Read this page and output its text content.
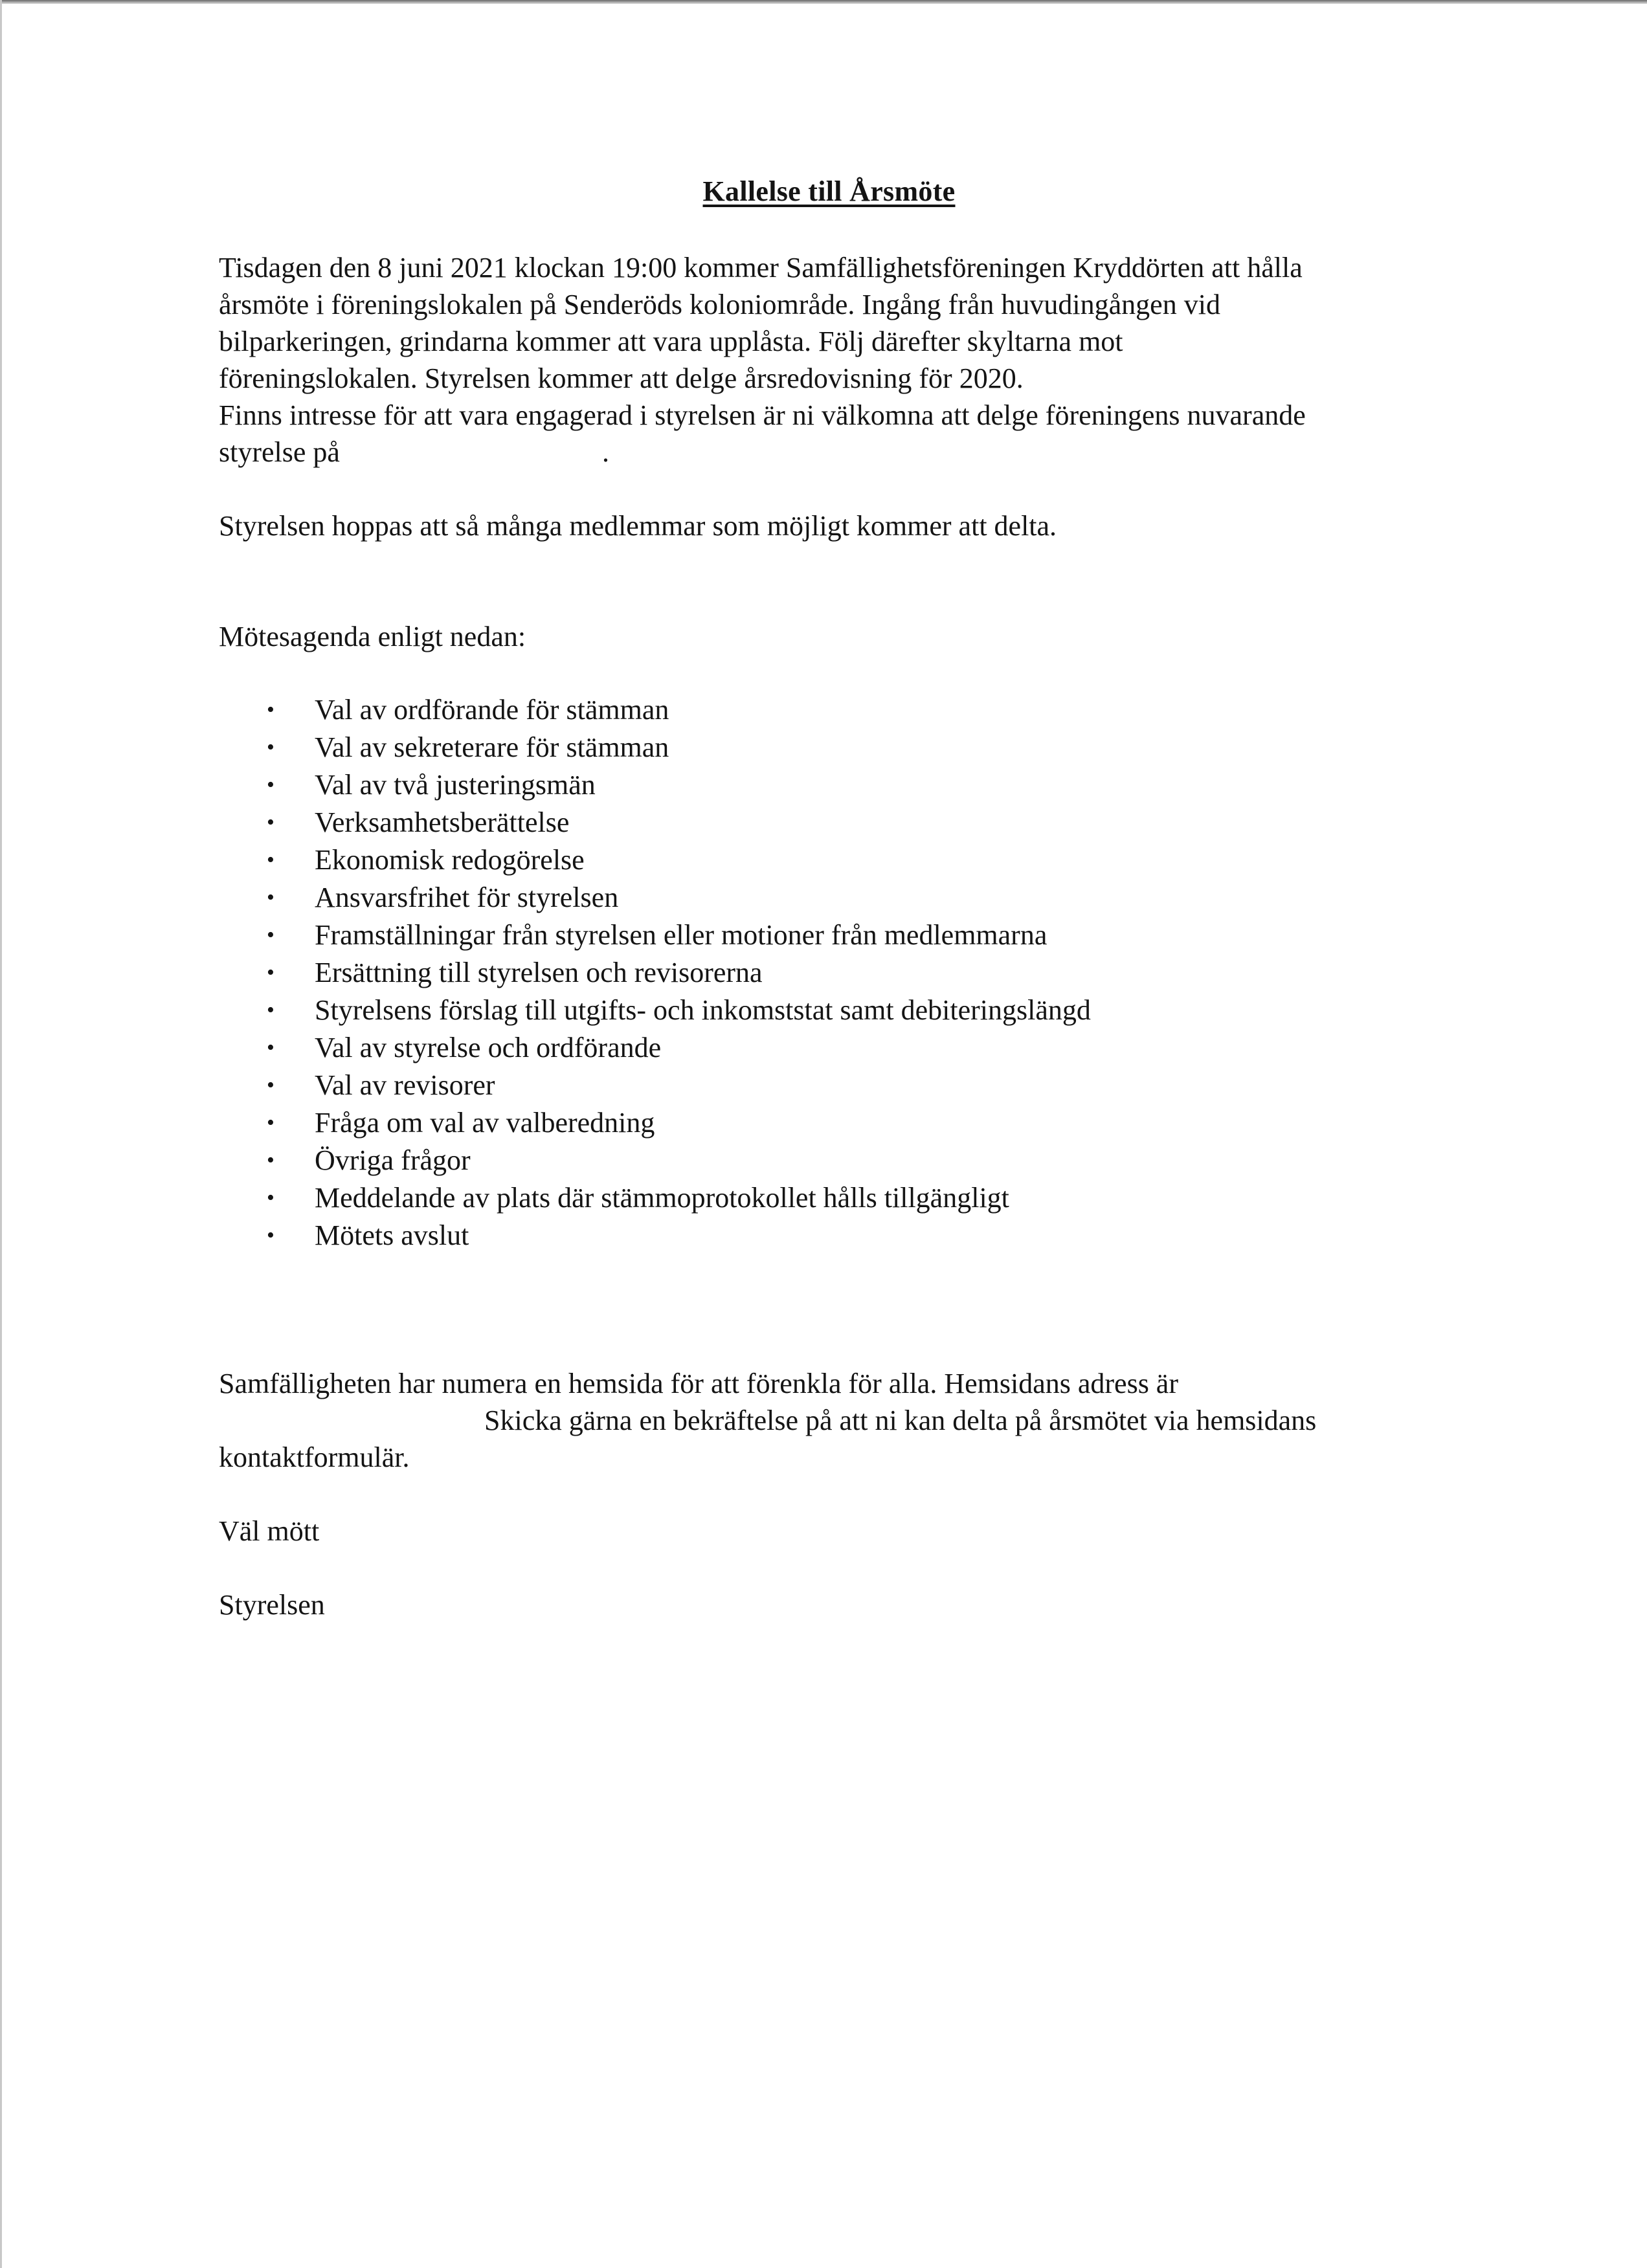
Kallelse till Årsmöte
Tisdagen den 8 juni 2021 klockan 19:00 kommer Samfällighetsföreningen Kryddörten att hålla
årsmöte i föreningslokalen på Senderöds koloniområde. Ingång från huvudingången vid
bilparkeringen, grindarna kommer att vara upplåsta. Följ därefter skyltarna mot
föreningslokalen. Styrelsen kommer att delge årsredovisning för 2020.
Finns intresse för att vara engagerad i styrelsen är ni välkomna att delge föreningens nuvarande
styrelse på	.
Styrelsen hoppas att så många medlemmar som möjligt kommer att delta.
Mötesagenda enligt nedan:
• Val av ordförande för stämman
• Val av sekreterare för stämman
• Val av två justeringsmän
• Verksamhetsberättelse
• Ekonomisk redogörelse
• Ansvarsfrihet för styrelsen
• Framställningar från styrelsen eller motioner från medlemmarna
• Ersättning till styrelsen och revisorerna
• Styrelsens förslag till utgifts- och inkomststat samt debiteringslängd
• Val av styrelse och ordförande
• Val av revisorer
• Fråga om val av valberedning
• Övriga frågor
• Meddelande av plats där stämmoprotokollet hålls tillgängligt
• Mötets avslut
Samfälligheten har numera en hemsida för att förenkla för alla. Hemsidans adress är
Skicka gärna en bekräftelse på att ni kan delta på årsmötet via hemsidans
kontaktformulär.
Väl mött
Styrelsen
